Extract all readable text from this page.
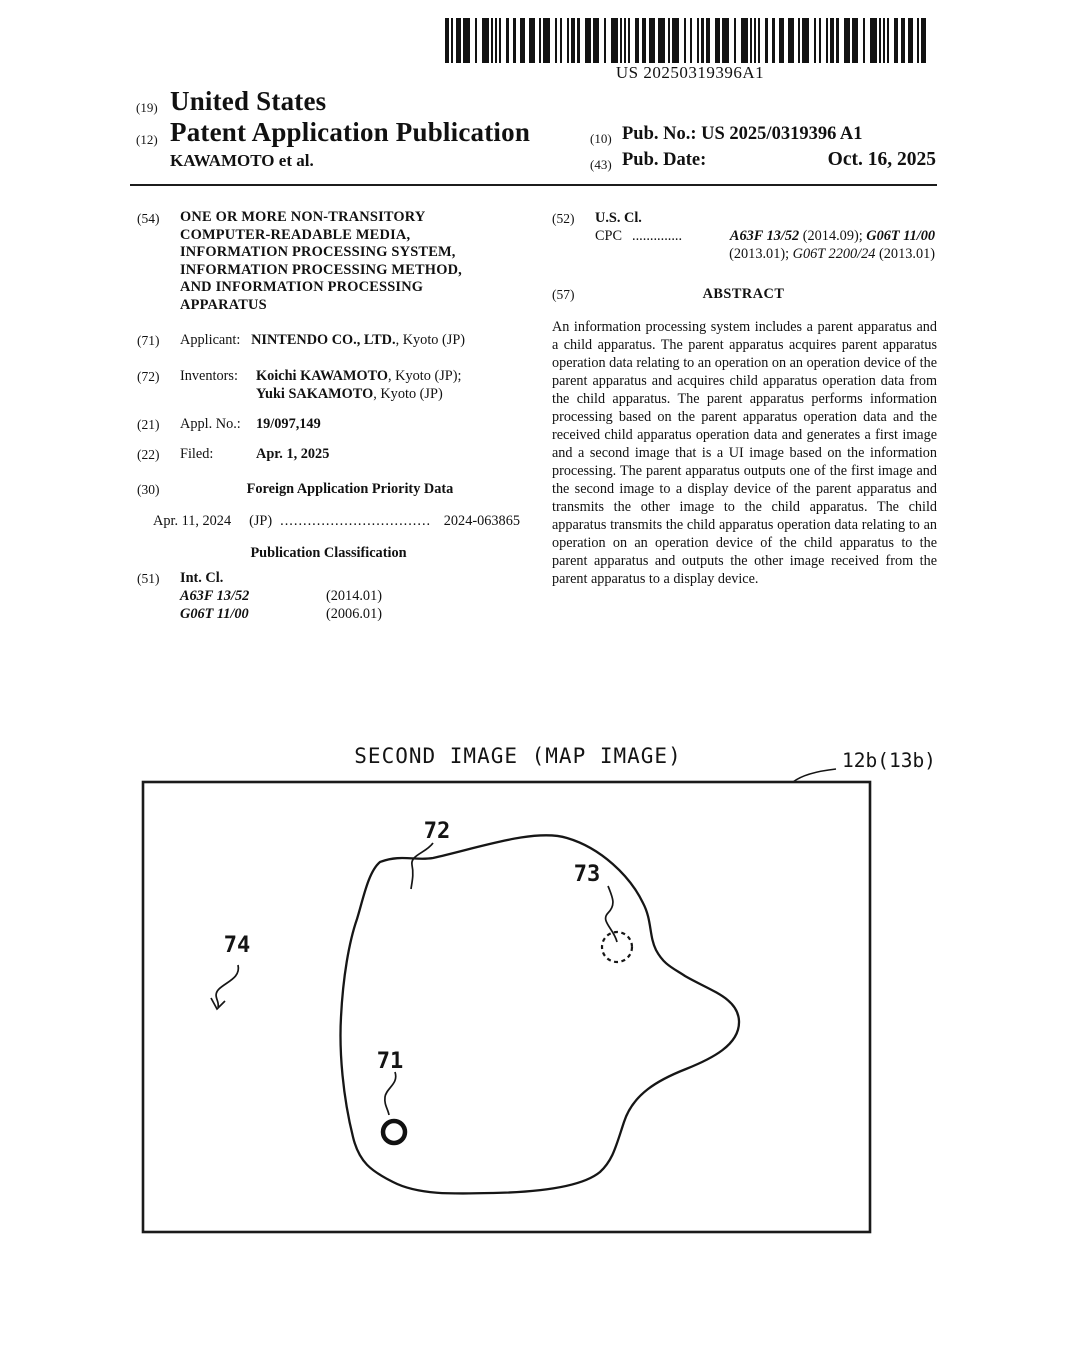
US 20250319396A1
(19) United States
(12) Patent Application Publication
KAWAMOTO et al.
(10) Pub. No.: US 2025/0319396 A1
(43) Pub. Date:	Oct. 16, 2025
(54) ONE OR MORE NON-TRANSITORY
COMPUTER-READABLE MEDIA,
INFORMATION PROCESSING SYSTEM,
INFORMATION PROCESSING METHOD,
AND INFORMATION PROCESSING
APPARATUS
(71) Applicant: NINTENDO CO., LTD., Kyoto (JP)
(72) Inventors: Koichi KAWAMOTO, Kyoto (JP);
Yuki SAKAMOTO, Kyoto (JP)
(21) Appl. No.: 19/097,149
(22) Filed:	Apr. 1, 2025
(30)	Foreign Application Priority Data
Apr. 11, 2024 (JP) ................................. 2024-063865
Publication Classification
(51) Int. Cl.
A63F 13/52	(2014.01)
G06T 11/00	(2006.01)
(52) U.S. Cl.
CPC ..............	A63F 13/52 (2014.09); G06T 11/00
(2013.01); G06T 2200/24 (2013.01)
(57)	ABSTRACT
An information processing system includes a parent apparatus and a child apparatus. The parent apparatus acquires parent apparatus operation data relating to an operation on an operation device of the parent apparatus and acquires child apparatus operation data from the child apparatus. The parent apparatus performs information processing based on the parent apparatus operation data and the received child apparatus operation data and generates a first image and a second image that is a UI image based on the information processing. The parent apparatus outputs one of the first image and the second image to a display device of the parent apparatus and transmits the other image to the child apparatus. The child apparatus transmits the child apparatus operation data relating to an operation on an operation device of the child apparatus to the parent apparatus and outputs the other image received from the parent apparatus to a display device.
SECOND IMAGE (MAP IMAGE)	12b(13b)
72
73
74
71
